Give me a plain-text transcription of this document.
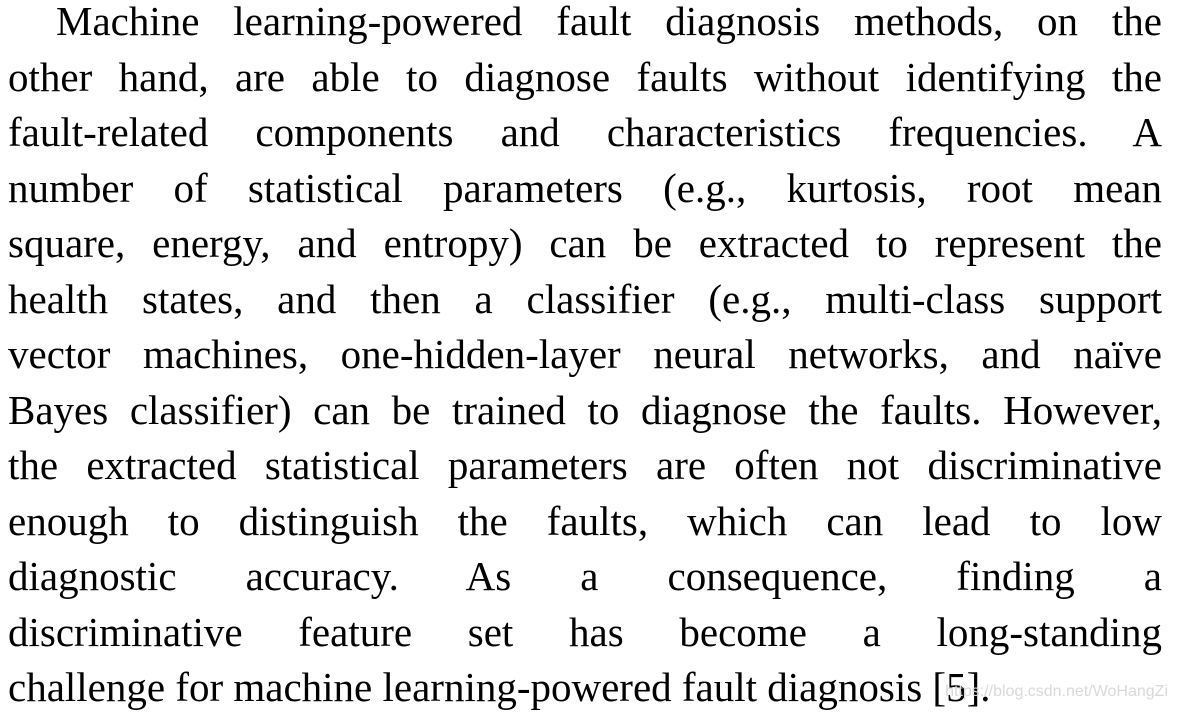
Machine learning-powered fault diagnosis methods, on the
other hand, are able to diagnose faults without identifying the
fault-related components and characteristics frequencies. A
number of statistical parameters (e.g., kurtosis, root mean
square, energy, and entropy) can be extracted to represent the
health states, and then a classifier (e.g., multi-class support
vector machines, one-hidden-layer neural networks, and naïve
Bayes classifier) can be trained to diagnose the faults. However,
the extracted statistical parameters are often not discriminative
enough to distinguish the faults, which can lead to low
diagnostic accuracy. As a consequence, finding a
discriminative feature set has become a long-standing
challenge for machine learning-powered fault diagnosis [5].

https://blog.csdn.net/WoHangZi
